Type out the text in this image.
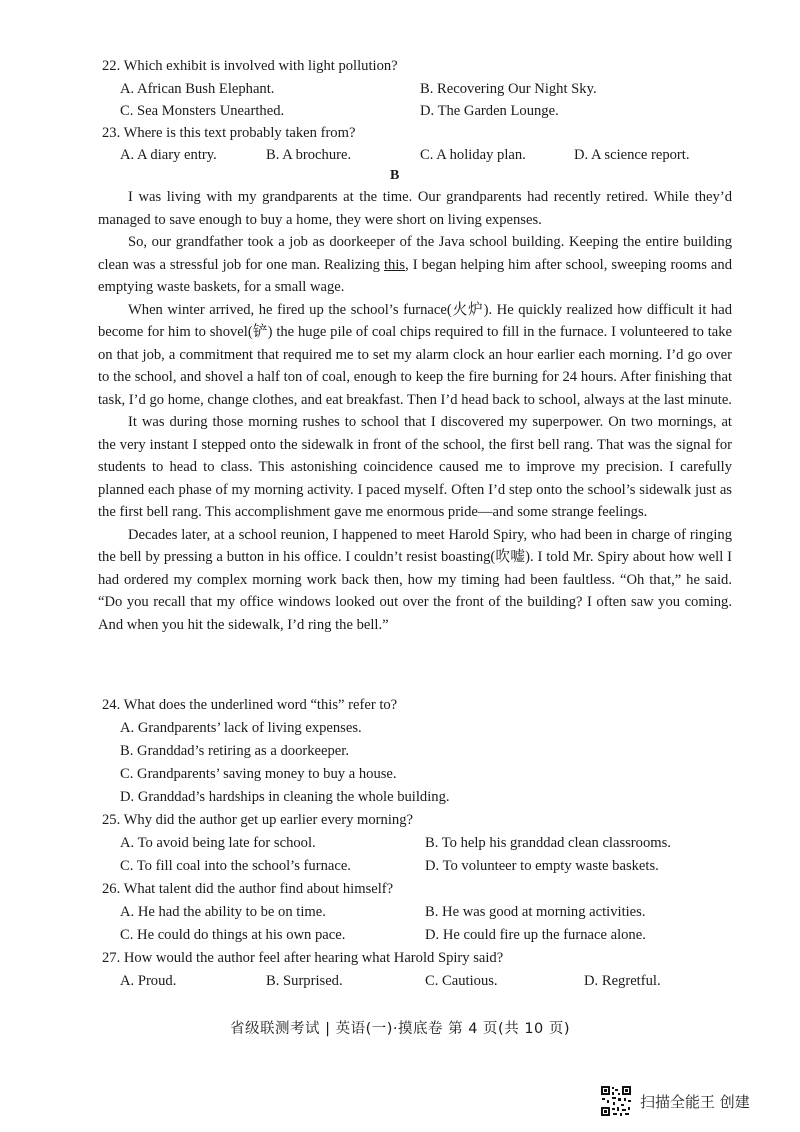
22. Which exhibit is involved with light pollution?
A. African Bush Elephant.	B. Recovering Our Night Sky.
C. Sea Monsters Unearthed.	D. The Garden Lounge.
23. Where is this text probably taken from?
A. A diary entry.	B. A brochure.	C. A holiday plan.	D. A science report.
B

I was living with my grandparents at the time. Our grandparents had recently retired. While they’d managed to save enough to buy a home, they were short on living expenses.

So, our grandfather took a job as doorkeeper of the Java school building. Keeping the entire building clean was a stressful job for one man. Realizing this, I began helping him after school, sweeping rooms and emptying waste baskets, for a small wage.

When winter arrived, he fired up the school’s furnace(火炉). He quickly realized how difficult it had become for him to shovel(铲) the huge pile of coal chips required to fill in the furnace. I volunteered to take on that job, a commitment that required me to set my alarm clock an hour earlier each morning. I’d go over to the school, and shovel a half ton of coal, enough to keep the fire burning for 24 hours. After finishing that task, I’d go home, change clothes, and eat breakfast. Then I’d head back to school, always at the last minute.

It was during those morning rushes to school that I discovered my superpower. On two mornings, at the very instant I stepped onto the sidewalk in front of the school, the first bell rang. That was the signal for students to head to class. This astonishing coincidence caused me to improve my precision. I carefully planned each phase of my morning activity. I paced myself. Often I’d step onto the school’s sidewalk just as the first bell rang. This accomplishment gave me enormous pride—and some strange feelings.

Decades later, at a school reunion, I happened to meet Harold Spiry, who had been in charge of ringing the bell by pressing a button in his office. I couldn’t resist boasting(吹嘘). I told Mr. Spiry about how well I had ordered my complex morning work back then, how my timing had been faultless. “Oh that,” he said. “Do you recall that my office windows looked out over the front of the building? I often saw you coming. And when you hit the sidewalk, I’d ring the bell.”

24. What does the underlined word “this” refer to?
A. Grandparents’ lack of living expenses.
B. Granddad’s retiring as a doorkeeper.
C. Grandparents’ saving money to buy a house.
D. Granddad’s hardships in cleaning the whole building.
25. Why did the author get up earlier every morning?
A. To avoid being late for school.	B. To help his granddad clean classrooms.
C. To fill coal into the school’s furnace.	D. To volunteer to empty waste baskets.
26. What talent did the author find about himself?
A. He had the ability to be on time.	B. He was good at morning activities.
C. He could do things at his own pace.	D. He could fire up the furnace alone.
27. How would the author feel after hearing what Harold Spiry said?
A. Proud.	B. Surprised.	C. Cautious.	D. Regretful.
省级联测考试 | 英语(一)·摸底卷 第 4 页(共 10 页)
扫描全能王 创建
